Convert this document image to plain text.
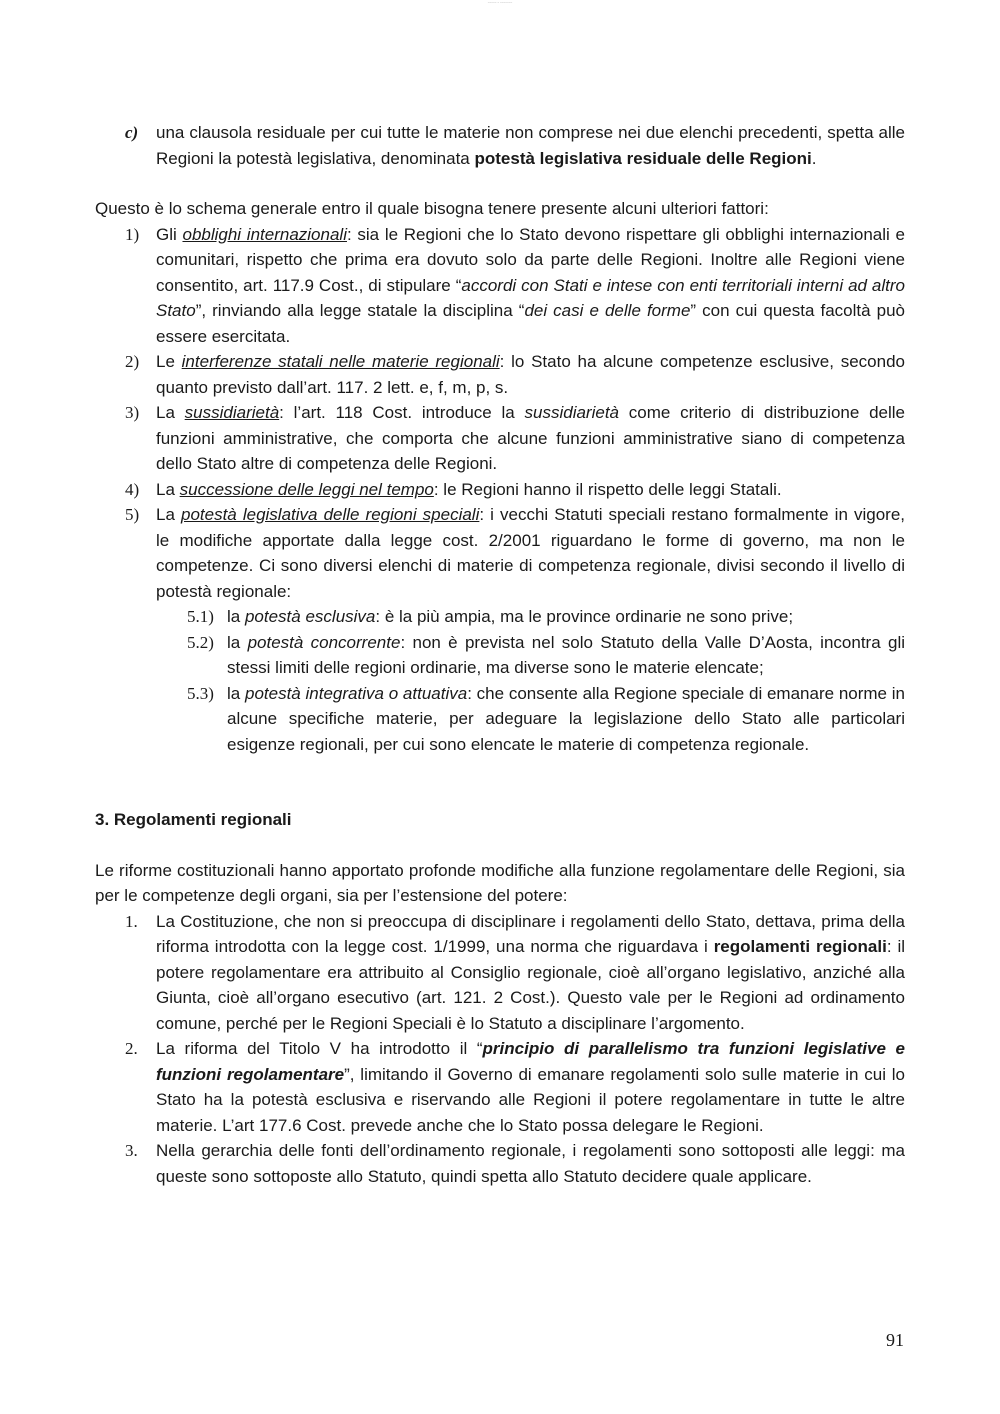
~~~~~ ~ ~~~~~~~
c) una clausola residuale per cui tutte le materie non comprese nei due elenchi precedenti, spetta alle Regioni la potestà legislativa, denominata potestà legislativa residuale delle Regioni.
Questo è lo schema generale entro il quale bisogna tenere presente alcuni ulteriori fattori:
1) Gli obblighi internazionali: sia le Regioni che lo Stato devono rispettare gli obblighi internazionali e comunitari, rispetto che prima era dovuto solo da parte delle Regioni. Inoltre alle Regioni viene consentito, art. 117.9 Cost., di stipulare “accordi con Stati e intese con enti territoriali interni ad altro Stato”, rinviando alla legge statale la disciplina “dei casi e delle forme” con cui questa facoltà può essere esercitata.
2) Le interferenze statali nelle materie regionali: lo Stato ha alcune competenze esclusive, secondo quanto previsto dall’art. 117. 2 lett. e, f, m, p, s.
3) La sussidiarietà: l’art. 118 Cost. introduce la sussidiarietà come criterio di distribuzione delle funzioni amministrative, che comporta che alcune funzioni amministrative siano di competenza dello Stato altre di competenza delle Regioni.
4) La successione delle leggi nel tempo: le Regioni hanno il rispetto delle leggi Statali.
5) La potestà legislativa delle regioni speciali: i vecchi Statuti speciali restano formalmente in vigore, le modifiche apportate dalla legge cost. 2/2001 riguardano le forme di governo, ma non le competenze. Ci sono diversi elenchi di materie di competenza regionale, divisi secondo il livello di potestà regionale:
5.1) la potestà esclusiva: è la più ampia, ma le province ordinarie ne sono prive;
5.2) la potestà concorrente: non è prevista nel solo Statuto della Valle D’Aosta, incontra gli stessi limiti delle regioni ordinarie, ma diverse sono le materie elencate;
5.3) la potestà integrativa o attuativa: che consente alla Regione speciale di emanare norme in alcune specifiche materie, per adeguare la legislazione dello Stato alle particolari esigenze regionali, per cui sono elencate le materie di competenza regionale.
3. Regolamenti regionali
Le riforme costituzionali hanno apportato profonde modifiche alla funzione regolamentare delle Regioni, sia per le competenze degli organi, sia per l’estensione del potere:
1. La Costituzione, che non si preoccupa di disciplinare i regolamenti dello Stato, dettava, prima della riforma introdotta con la legge cost. 1/1999, una norma che riguardava i regolamenti regionali: il potere regolamentare era attribuito al Consiglio regionale, cioè all’organo legislativo, anziché alla Giunta, cioè all’organo esecutivo (art. 121. 2 Cost.). Questo vale per le Regioni ad ordinamento comune, perché per le Regioni Speciali è lo Statuto a disciplinare l’argomento.
2. La riforma del Titolo V ha introdotto il “principio di parallelismo tra funzioni legislative e funzioni regolamentare”, limitando il Governo di emanare regolamenti solo sulle materie in cui lo Stato ha la potestà esclusiva e riservando alle Regioni il potere regolamentare in tutte le altre materie. L’art 177.6 Cost. prevede anche che lo Stato possa delegare le Regioni.
3. Nella gerarchia delle fonti dell’ordinamento regionale, i regolamenti sono sottoposti alle leggi: ma queste sono sottoposte allo Statuto, quindi spetta allo Statuto decidere quale applicare.
91
